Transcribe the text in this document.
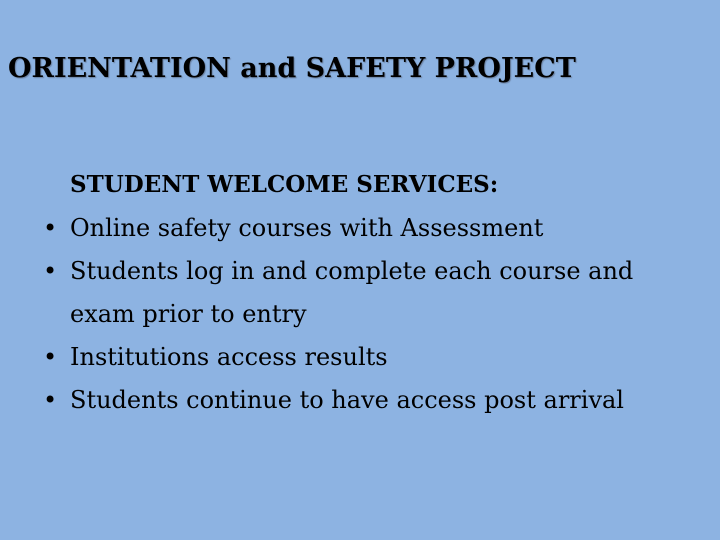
ORIENTATION and SAFETY PROJECT
STUDENT WELCOME SERVICES:
• Online safety courses with Assessment
• Students log in and complete each course and exam prior to entry
• Institutions access results
• Students continue to have access post arrival
